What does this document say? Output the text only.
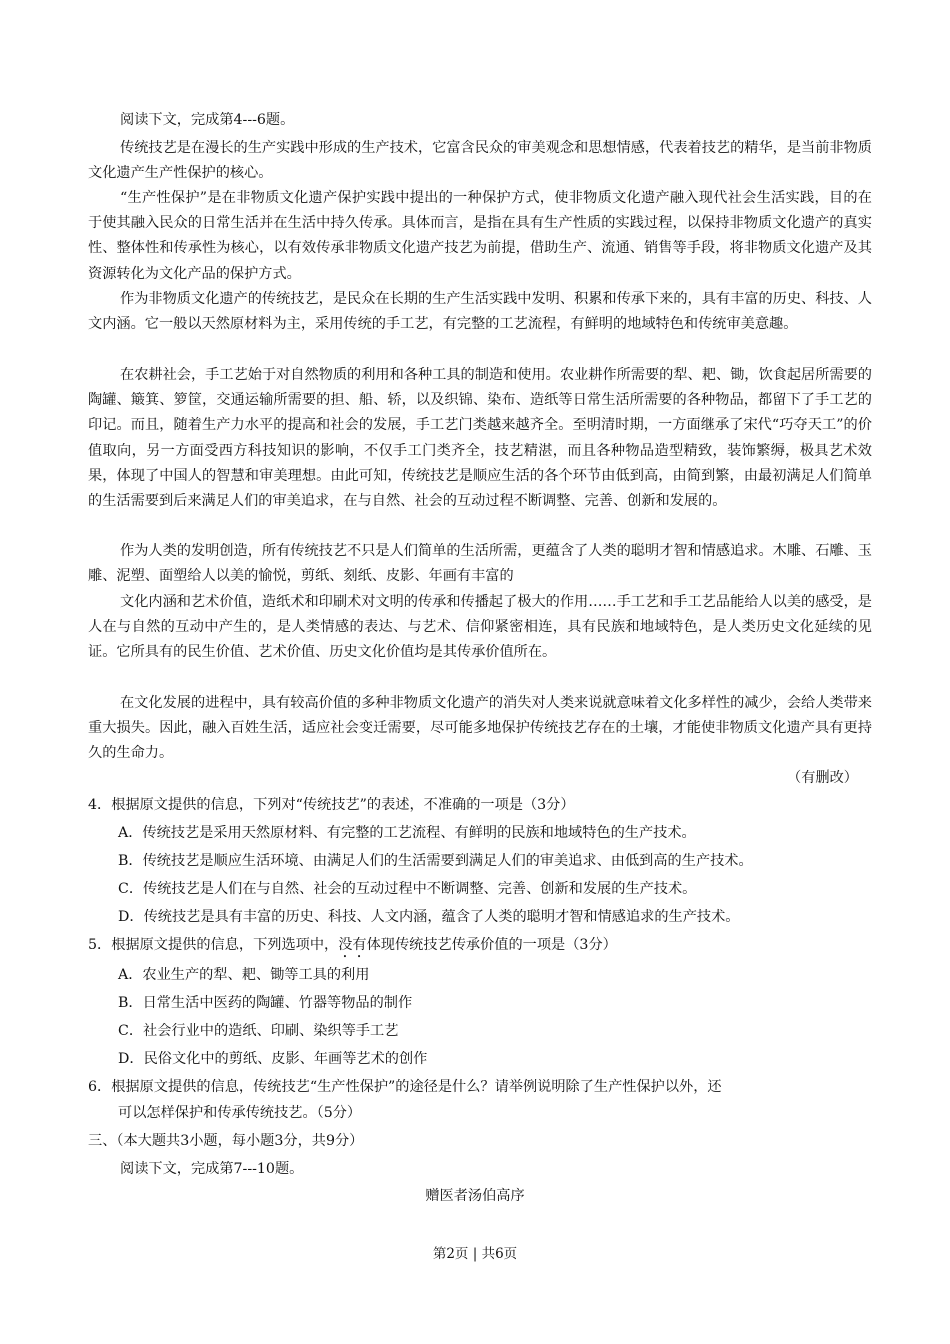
阅读下文，完成第4---6题。

传统技艺是在漫长的生产实践中形成的生产技术，它富含民众的审美观念和思想情感，代表着技艺的精华，是当前非物质文化遗产生产性保护的核心。

“生产性保护”是在非物质文化遗产保护实践中提出的一种保护方式，使非物质文化遗产融入现代社会生活实践，目的在于使其融入民众的日常生活并在生活中持久传承。具体而言，是指在具有生产性质的实践过程，以保持非物质文化遗产的真实性、整体性和传承性为核心，以有效传承非物质文化遗产技艺为前提，借助生产、流通、销售等手段，将非物质文化遗产及其资源转化为文化产品的保护方式。

作为非物质文化遗产的传统技艺，是民众在长期的生产生活实践中发明、积累和传承下来的，具有丰富的历史、科技、人文内涵。它一般以天然原材料为主，采用传统的手工艺，有完整的工艺流程，有鲜明的地域特色和传统审美意趣。

在农耕社会，手工艺始于对自然物质的利用和各种工具的制造和使用。农业耕作所需要的犁、耙、锄，饮食起居所需要的陶罐、簸箕、箩筐，交通运输所需要的担、船、轿，以及织锦、染布、造纸等日常生活所需要的各种物品，都留下了手工艺的印记。而且，随着生产力水平的提高和社会的发展，手工艺门类越来越齐全。至明清时期，一方面继承了宋代“巧夺天工”的价值取向，另一方面受西方科技知识的影响，不仅手工门类齐全，技艺精湛，而且各种物品造型精致，装饰繁缛，极具艺术效果，体现了中国人的智慧和审美理想。由此可知，传统技艺是顺应生活的各个环节由低到高，由简到繁，由最初满足人们简单的生活需要到后来满足人们的审美追求，在与自然、社会的互动过程不断调整、完善、创新和发展的。

作为人类的发明创造，所有传统技艺不只是人们简单的生活所需，更蕴含了人类的聪明才智和情感追求。木雕、石雕、玉雕、泥塑、面塑给人以美的愉悦，剪纸、刻纸、皮影、年画有丰富的

文化内涵和艺术价值，造纸术和印刷术对文明的传承和传播起了极大的作用……手工艺和手工艺品能给人以美的感受，是人在与自然的互动中产生的，是人类情感的表达、与艺术、信仰紧密相连，具有民族和地域特色，是人类历史文化延续的见证。它所具有的民生价值、艺术价值、历史文化价值均是其传承价值所在。

在文化发展的进程中，具有较高价值的多种非物质文化遗产的消失对人类来说就意味着文化多样性的减少，会给人类带来重大损失。因此，融入百姓生活，适应社会变迁需要，尽可能多地保护传统技艺存在的土壤，才能使非物质文化遗产具有更持久的生命力。

（有删改）

4．根据原文提供的信息，下列对“传统技艺”的表述，不准确的一项是（3分）

A．传统技艺是采用天然原材料、有完整的工艺流程、有鲜明的民族和地域特色的生产技术。

B．传统技艺是顺应生活环境、由满足人们的生活需要到满足人们的审美追求、由低到高的生产技术。

C．传统技艺是人们在与自然、社会的互动过程中不断调整、完善、创新和发展的生产技术。

D．传统技艺是具有丰富的历史、科技、人文内涵，蕴含了人类的聪明才智和情感追求的生产技术。

5．根据原文提供的信息，下列选项中，没有体现传统技艺传承价值的一项是（3分）

A．农业生产的犁、耙、锄等工具的利用

B．日常生活中医药的陶罐、竹器等物品的制作

C．社会行业中的造纸、印刷、染织等手工艺

D．民俗文化中的剪纸、皮影、年画等艺术的创作

6．根据原文提供的信息，传统技艺“生产性保护”的途径是什么？请举例说明除了生产性保护以外，还

可以怎样保护和传承传统技艺。（5分）

三、（本大题共3小题，每小题3分，共9分）

阅读下文，完成第7---10题。

赠医者汤伯高序

第2页 | 共6页
